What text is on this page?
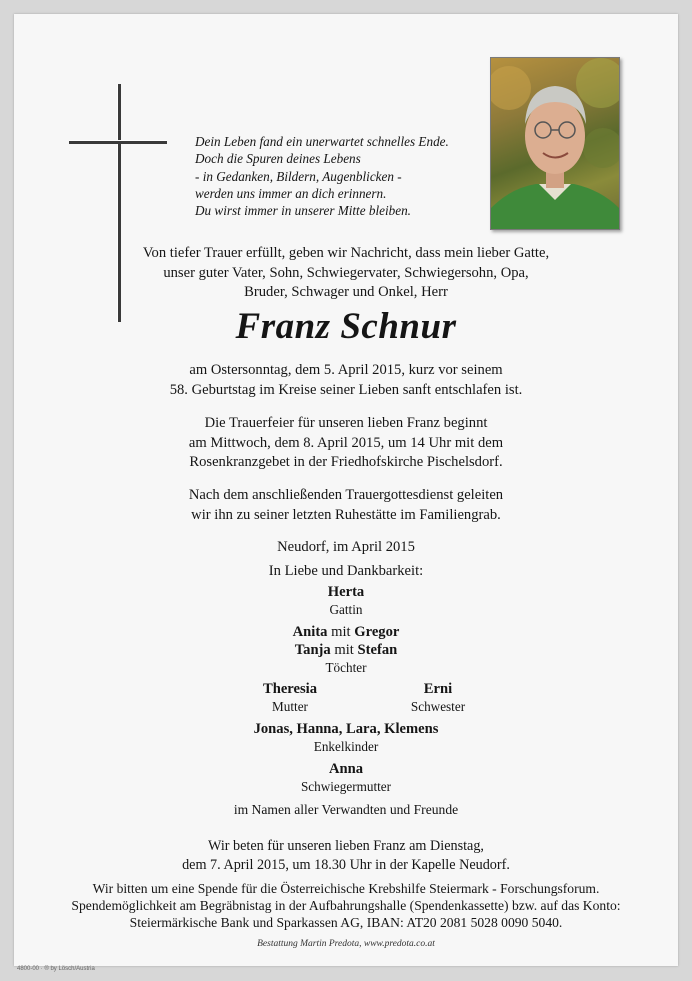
Dein Leben fand ein unerwartet schnelles Ende.
Doch die Spuren deines Lebens
- in Gedanken, Bildern, Augenblicken -
werden uns immer an dich erinnern.
Du wirst immer in unserer Mitte bleiben.
Von tiefer Trauer erfüllt, geben wir Nachricht, dass mein lieber Gatte,
unser guter Vater, Sohn, Schwiegervater, Schwiegersohn, Opa,
Bruder, Schwager und Onkel, Herr
Franz Schnur
am Ostersonntag, dem 5. April 2015, kurz vor seinem
58. Geburtstag im Kreise seiner Lieben sanft entschlafen ist.
Die Trauerfeier für unseren lieben Franz beginnt
am Mittwoch, dem 8. April 2015, um 14 Uhr mit dem
Rosenkranzgebet in der Friedhofskirche Pischelsdorf.
Nach dem anschließenden Trauergottesdienst geleiten
wir ihn zu seiner letzten Ruhestätte im Familiengrab.
Neudorf, im April 2015
In Liebe und Dankbarkeit:
Herta
Gattin
Anita mit Gregor
Tanja mit Stefan
Töchter
Theresia
Mutter
Erni
Schwester
Jonas, Hanna, Lara, Klemens
Enkelkinder
Anna
Schwiegermutter
im Namen aller Verwandten und Freunde
Wir beten für unseren lieben Franz am Dienstag,
dem 7. April 2015, um 18.30 Uhr in der Kapelle Neudorf.
Wir bitten um eine Spende für die Österreichische Krebshilfe Steiermark - Forschungsforum.
Spendemöglichkeit am Begräbnistag in der Aufbahrungshalle (Spendenkassette) bzw. auf das Konto:
Steiermärkische Bank und Sparkassen AG, IBAN: AT20 2081 5028 0090 5040.
Bestattung Martin Predota, www.predota.co.at
4800-00 · ® by Lösch/Austria
